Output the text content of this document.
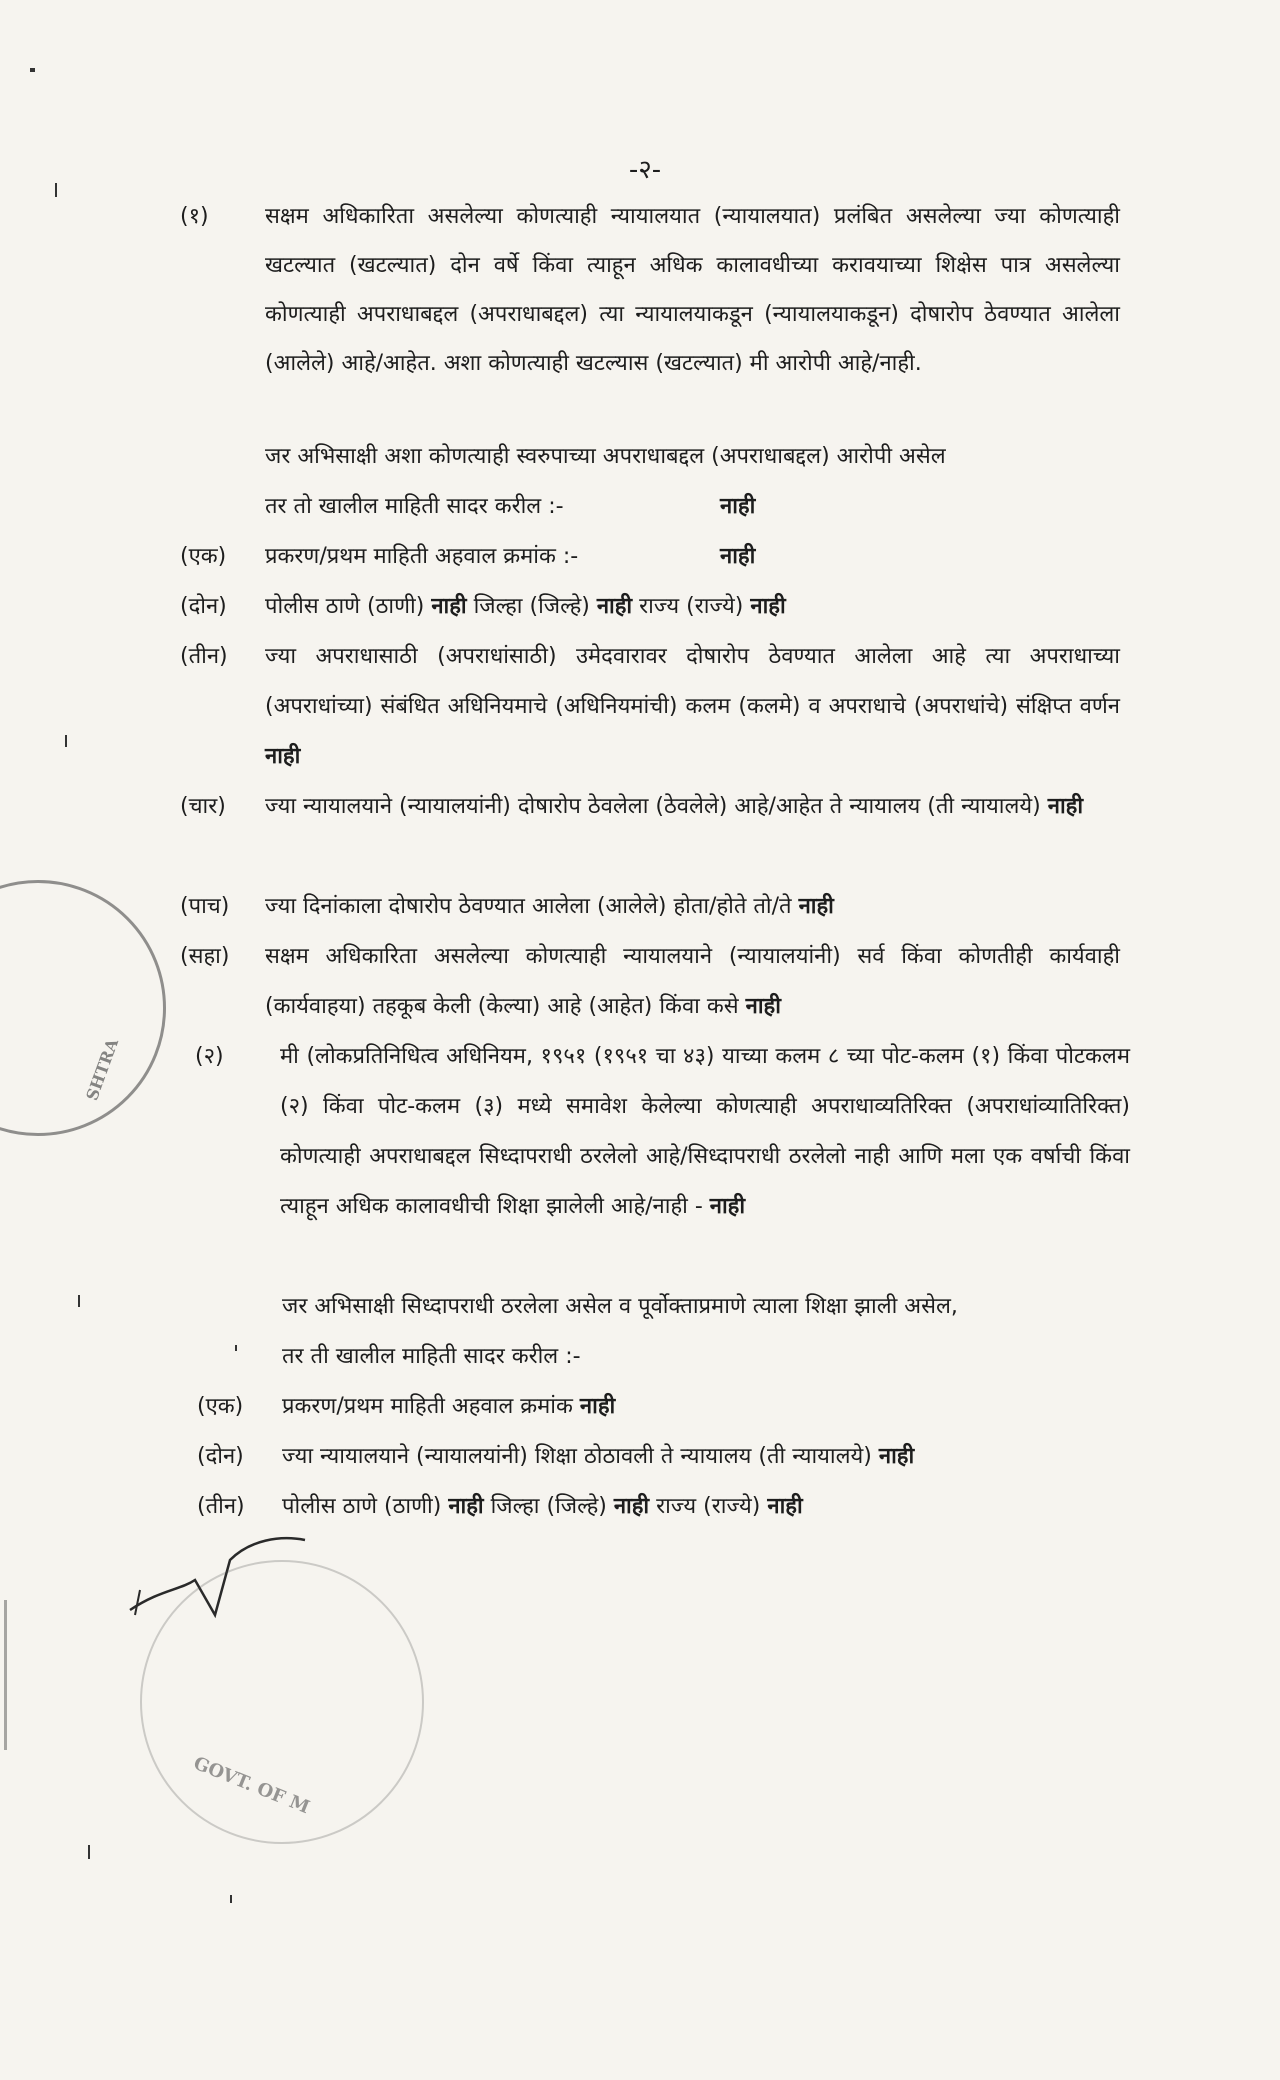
-२-
(१)	सक्षम अधिकारिता असलेल्या कोणत्याही न्यायालयात (न्यायालयात) प्रलंबित असलेल्या ज्या कोणत्याही खटल्यात (खटल्यात) दोन वर्षे किंवा त्याहून अधिक कालावधीच्या करावयाच्या शिक्षेस पात्र असलेल्या कोणत्याही अपराधाबद्दल (अपराधाबद्दल) त्या न्यायालयाकडून (न्यायालयाकडून) दोषारोप ठेवण्यात आलेला (आलेले) आहे/आहेत. अशा कोणत्याही खटल्यास (खटल्यात) मी आरोपी आहे/नाही.
जर अभिसाक्षी अशा कोणत्याही स्वरुपाच्या अपराधाबद्दल (अपराधाबद्दल) आरोपी असेल
तर तो खालील माहिती सादर करील :-	नाही
(एक)	प्रकरण/प्रथम माहिती अहवाल क्रमांक :-	नाही
(दोन)	पोलीस ठाणे (ठाणी) नाही जिल्हा (जिल्हे) नाही राज्य (राज्ये) नाही
(तीन)	ज्या अपराधासाठी (अपराधांसाठी) उमेदवारावर दोषारोप ठेवण्यात आलेला आहे त्या अपराधाच्या (अपराधांच्या) संबंधित अधिनियमाचे (अधिनियमांची) कलम (कलमे) व अपराधाचे (अपराधांचे) संक्षिप्त वर्णन नाही
(चार)	ज्या न्यायालयाने (न्यायालयांनी) दोषारोप ठेवलेला (ठेवलेले) आहे/आहेत ते न्यायालय (ती न्यायालये) नाही
(पाच)	ज्या दिनांकाला दोषारोप ठेवण्यात आलेला (आलेले) होता/होते तो/ते नाही
(सहा)	सक्षम अधिकारिता असलेल्या कोणत्याही न्यायालयाने (न्यायालयांनी) सर्व किंवा कोणतीही कार्यवाही (कार्यवाहया) तहकूब केली (केल्या) आहे (आहेत) किंवा कसे नाही
(२)	मी (लोकप्रतिनिधित्व अधिनियम, १९५१ (१९५१ चा ४३) याच्या कलम ८ च्या पोट-कलम (१) किंवा पोटकलम (२) किंवा पोट-कलम (३) मध्ये समावेश केलेल्या कोणत्याही अपराधाव्यतिरिक्त (अपराधांव्यातिरिक्त) कोणत्याही अपराधाबद्दल सिध्दापराधी ठरलेलो आहे/सिध्दापराधी ठरलेलो नाही आणि मला एक वर्षाची किंवा त्याहून अधिक कालावधीची शिक्षा झालेली आहे/नाही - नाही
जर अभिसाक्षी सिध्दापराधी ठरलेला असेल व पूर्वोक्ताप्रमाणे त्याला शिक्षा झाली असेल,
तर ती खालील माहिती सादर करील :-
(एक)	प्रकरण/प्रथम माहिती अहवाल क्रमांक नाही
(दोन)	ज्या न्यायालयाने (न्यायालयांनी) शिक्षा ठोठावली ते न्यायालय (ती न्यायालये) नाही
(तीन)	पोलीस ठाणे (ठाणी) नाही जिल्हा (जिल्हे) नाही राज्य (राज्ये) नाही
SHTRA
GOVT. OF M
